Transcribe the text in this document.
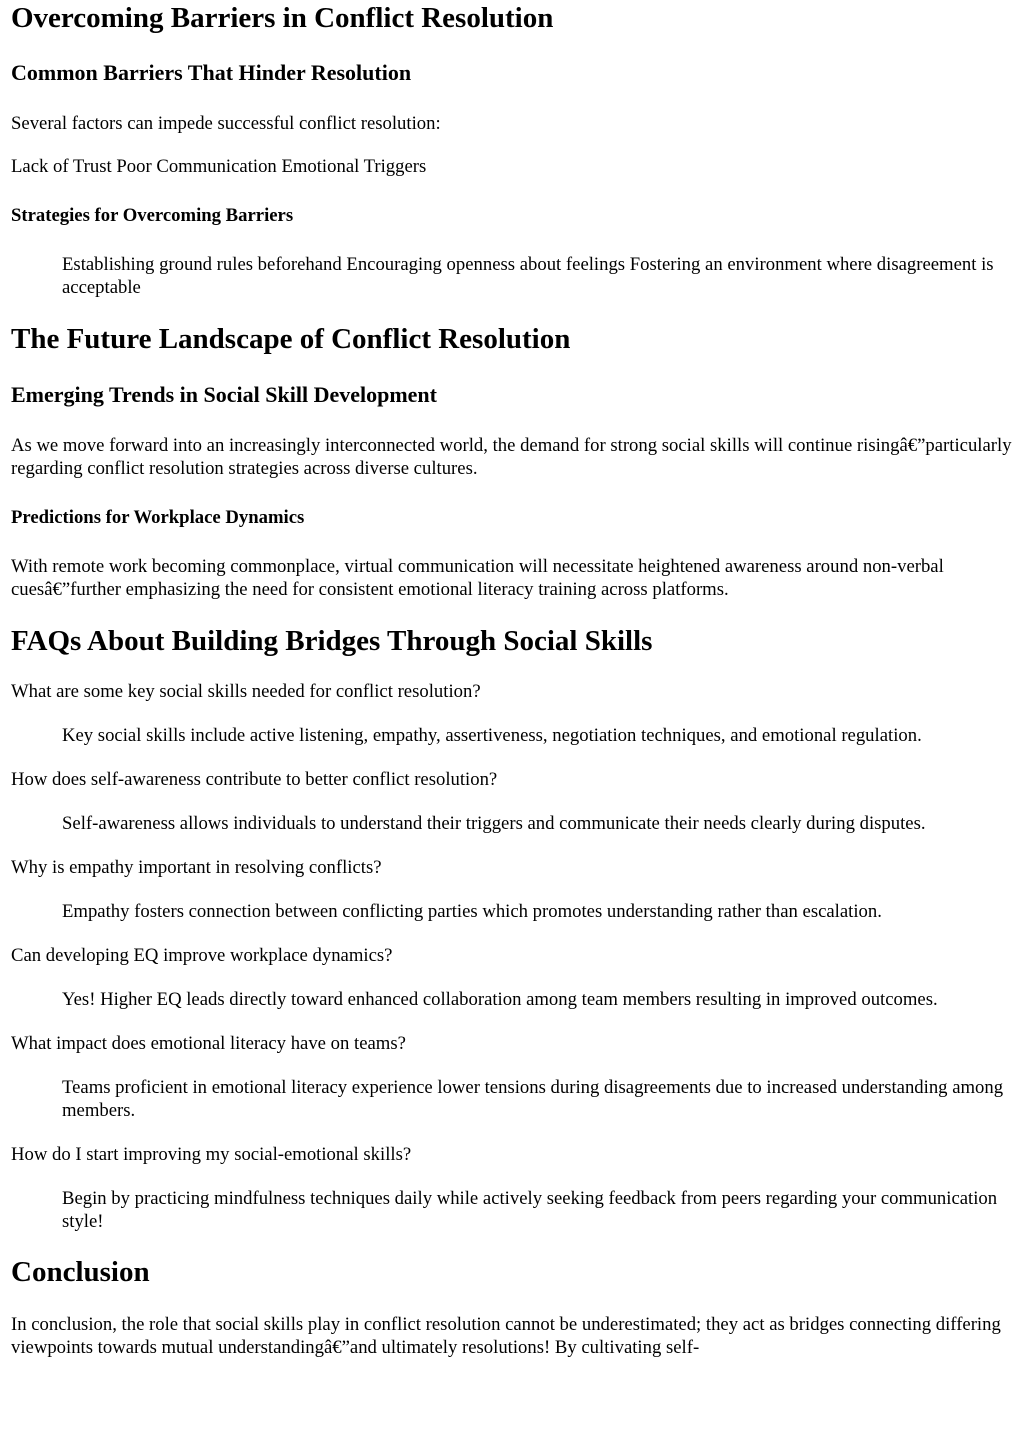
Overcoming Barriers in Conflict Resolution
Common Barriers That Hinder Resolution

Several factors can impede successful conflict resolution:

Lack of Trust Poor Communication Emotional Triggers

Strategies for Overcoming Barriers

Establishing ground rules beforehand Encouraging openness about feelings Fostering an environment where disagreement is acceptable

The Future Landscape of Conflict Resolution
Emerging Trends in Social Skill Development

As we move forward into an increasingly interconnected world, the demand for strong social skills will continue risingâ€”particularly regarding conflict resolution strategies across diverse cultures.

Predictions for Workplace Dynamics

With remote work becoming commonplace, virtual communication will necessitate heightened awareness around non-verbal cuesâ€”further emphasizing the need for consistent emotional literacy training across platforms.

FAQs About Building Bridges Through Social Skills

What are some key social skills needed for conflict resolution?

Key social skills include active listening, empathy, assertiveness, negotiation techniques, and emotional regulation.

How does self-awareness contribute to better conflict resolution?

Self-awareness allows individuals to understand their triggers and communicate their needs clearly during disputes.

Why is empathy important in resolving conflicts?

Empathy fosters connection between conflicting parties which promotes understanding rather than escalation.

Can developing EQ improve workplace dynamics?

Yes! Higher EQ leads directly toward enhanced collaboration among team members resulting in improved outcomes.

What impact does emotional literacy have on teams?

Teams proficient in emotional literacy experience lower tensions during disagreements due to increased understanding among members.

How do I start improving my social-emotional skills?

Begin by practicing mindfulness techniques daily while actively seeking feedback from peers regarding your communication style!

Conclusion

In conclusion, the role that social skills play in conflict resolution cannot be underestimated; they act as bridges connecting differing viewpoints towards mutual understandingâ€”and ultimately resolutions! By cultivating self-
